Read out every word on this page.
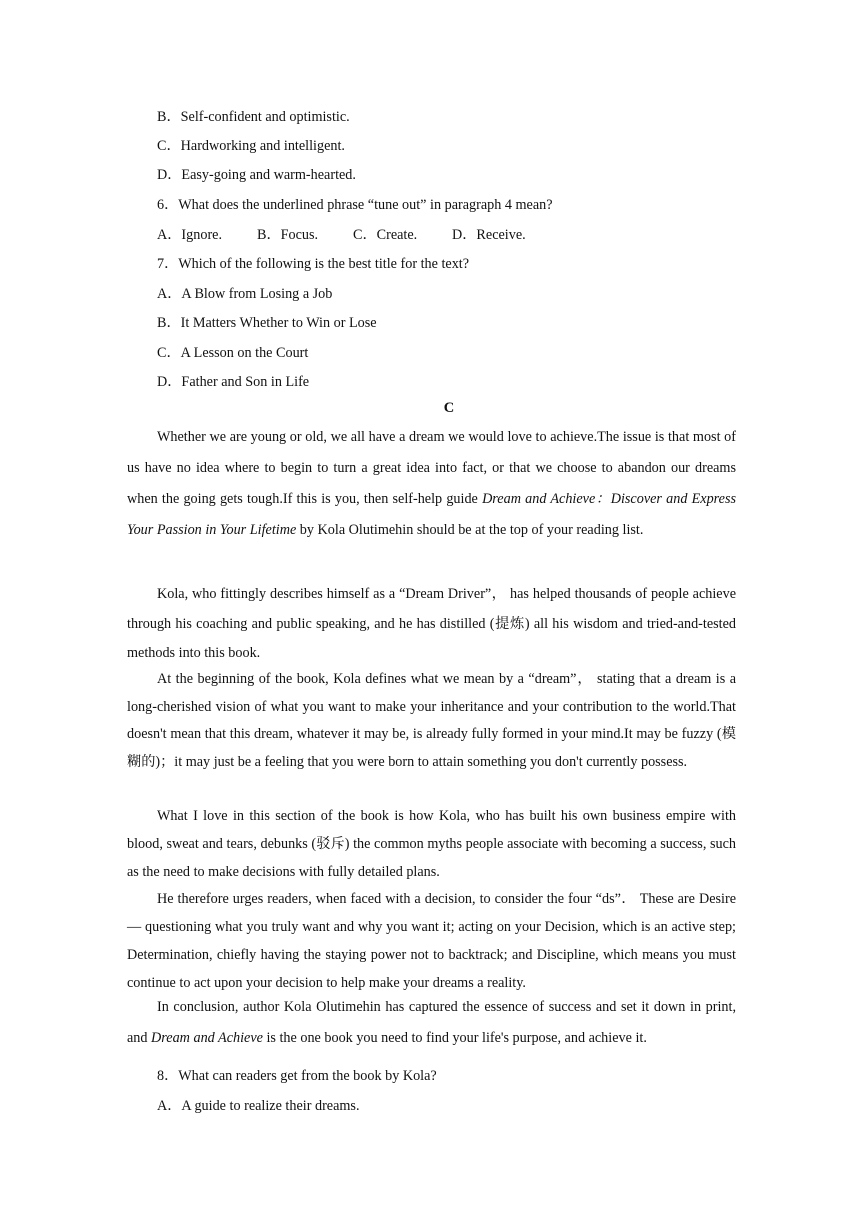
B．Self-confident and optimistic.
C．Hardworking and intelligent.
D．Easy-going and warm-hearted.
6．What does the underlined phrase “tune out” in paragraph 4 mean?
A．Ignore. B．Focus. C．Create. D．Receive.
7．Which of the following is the best title for the text?
A．A Blow from Losing a Job
B．It Matters Whether to Win or Lose
C．A Lesson on the Court
D．Father and Son in Life
C

Whether we are young or old, we all have a dream we would love to achieve.The issue is that most of us have no idea where to begin to turn a great idea into fact, or that we choose to abandon our dreams when the going gets tough.If this is you, then self-help guide Dream and Achieve：Discover and Express Your Passion in Your Lifetime by Kola Olutimehin should be at the top of your reading list.

Kola, who fittingly describes himself as a “Dream Driver”， has helped thousands of people achieve through his coaching and public speaking, and he has distilled (提炼) all his wisdom and tried-and-tested methods into this book.

At the beginning of the book, Kola defines what we mean by a “dream”， stating that a dream is a long-cherished vision of what you want to make your inheritance and your contribution to the world.That doesn't mean that this dream, whatever it may be, is already fully formed in your mind.It may be fuzzy (模糊的)；it may just be a feeling that you were born to attain something you don't currently possess.

What I love in this section of the book is how Kola, who has built his own business empire with blood, sweat and tears, debunks (驳斥) the common myths people associate with becoming a success, such as the need to make decisions with fully detailed plans.

He therefore urges readers, when faced with a decision, to consider the four “ds”． These are Desire — questioning what you truly want and why you want it; acting on your Decision, which is an active step; Determination, chiefly having the staying power not to backtrack; and Discipline, which means you must continue to act upon your decision to help make your dreams a reality.

In conclusion, author Kola Olutimehin has captured the essence of success and set it down in print, and Dream and Achieve is the one book you need to find your life's purpose, and achieve it.

8．What can readers get from the book by Kola?
A．A guide to realize their dreams.
